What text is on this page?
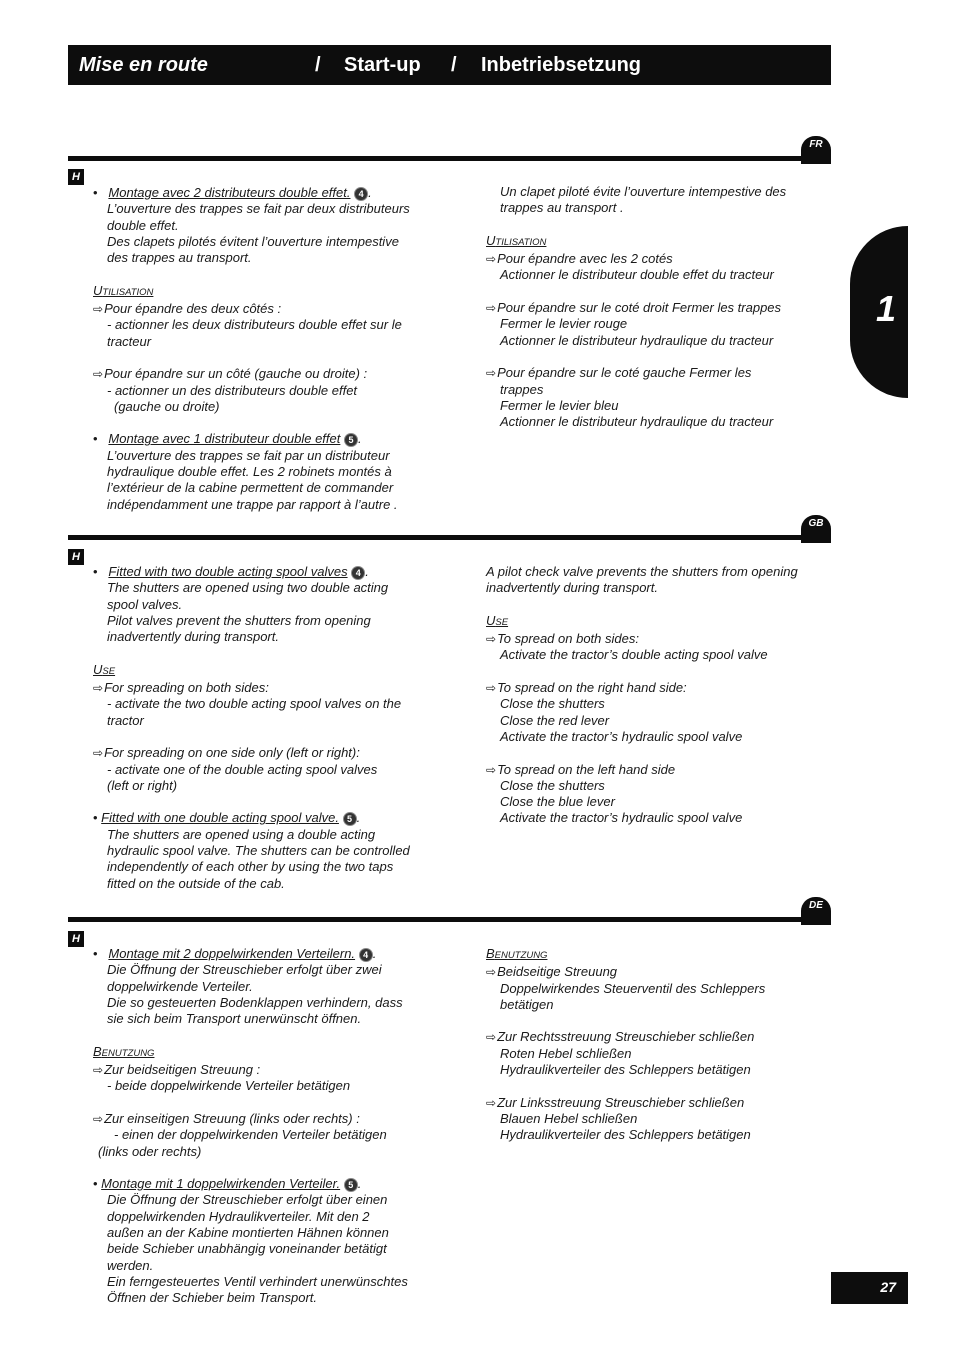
Mise en route	/ Start-up / Inbetriebsetzung
1
FR
H

•   Montage avec 2 distributeurs double effet. 4 .

L’ouverture des trappes se fait par deux distributeurs

double effet.

Des clapets pilotés évitent l’ouverture intempestive

des trappes au transport.

UTILISATION

⇨Pour épandre des deux côtés :

- actionner les deux distributeurs double effet sur le

tracteur

⇨Pour épandre sur un côté (gauche ou droite) :

- actionner un des distributeurs double effet

(gauche ou droite)

•   Montage avec 1 distributeur double effet 5 .

L’ouverture des trappes se fait par un distributeur

hydraulique double effet. Les 2 robinets montés à

l’extérieur de la cabine permettent de commander

indépendamment une trappe par rapport à l’autre .

Un clapet piloté évite l’ouverture intempestive des

trappes au transport .

UTILISATION

⇨Pour épandre avec les 2 cotés

Actionner le distributeur double effet du tracteur

⇨Pour épandre sur le coté droit Fermer les trappes

Fermer le levier rouge

Actionner le distributeur hydraulique du tracteur

⇨Pour épandre sur le coté gauche Fermer les

trappes

Fermer le levier bleu

Actionner le distributeur hydraulique du tracteur

GB
H

•   Fitted with two double acting spool valves 4 .

The shutters are opened using two double acting

spool valves.

Pilot valves prevent the shutters from opening

inadvertently during transport.

USE

⇨For spreading on both sides:

- activate the two double acting spool valves on the

tractor

⇨For spreading on one side only (left or right):

- activate one of the double acting spool valves

(left or right)

• Fitted with one double acting spool valve. 5 .

The shutters are opened using a double acting

hydraulic spool valve. The shutters can be controlled

independently of each other by using the two taps

fitted on the outside of the cab.

A pilot check valve prevents the shutters from opening

inadvertently during transport.

USE

⇨To spread on both sides:

Activate the tractor’s double acting spool valve

⇨To spread on the right hand side:

Close the shutters

Close the red lever

Activate the tractor’s hydraulic spool valve

⇨To spread on the left hand side

Close the shutters

Close the blue lever

Activate the tractor’s hydraulic spool valve

DE
H

•   Montage mit 2 doppelwirkenden Verteilern. 4 .

Die Öffnung der Streuschieber erfolgt über zwei

doppelwirkende Verteiler.

Die so gesteuerten Bodenklappen verhindern, dass

sie sich beim Transport unerwünscht öffnen.

BENUTZUNG

⇨Zur beidseitigen Streuung :

- beide doppelwirkende Verteiler betätigen

⇨Zur einseitigen Streuung (links oder rechts) :

- einen der doppelwirkenden Verteiler betätigen

(links oder rechts)

• Montage mit 1 doppelwirkenden Verteiler. 5 .

Die Öffnung der Streuschieber erfolgt über einen

doppelwirkenden Hydraulikverteiler. Mit den 2

außen an der Kabine montierten Hähnen können

beide Schieber unabhängig voneinander betätigt

werden.

Ein ferngesteuertes Ventil verhindert unerwünschtes

Öffnen der Schieber beim Transport.

BENUTZUNG

⇨Beidseitige Streuung

Doppelwirkendes Steuerventil des Schleppers

betätigen

⇨Zur Rechtsstreuung Streuschieber schließen

Roten Hebel schließen

Hydraulikverteiler des Schleppers betätigen

⇨Zur Linksstreuung Streuschieber schließen

Blauen Hebel schließen

Hydraulikverteiler des Schleppers betätigen

27
